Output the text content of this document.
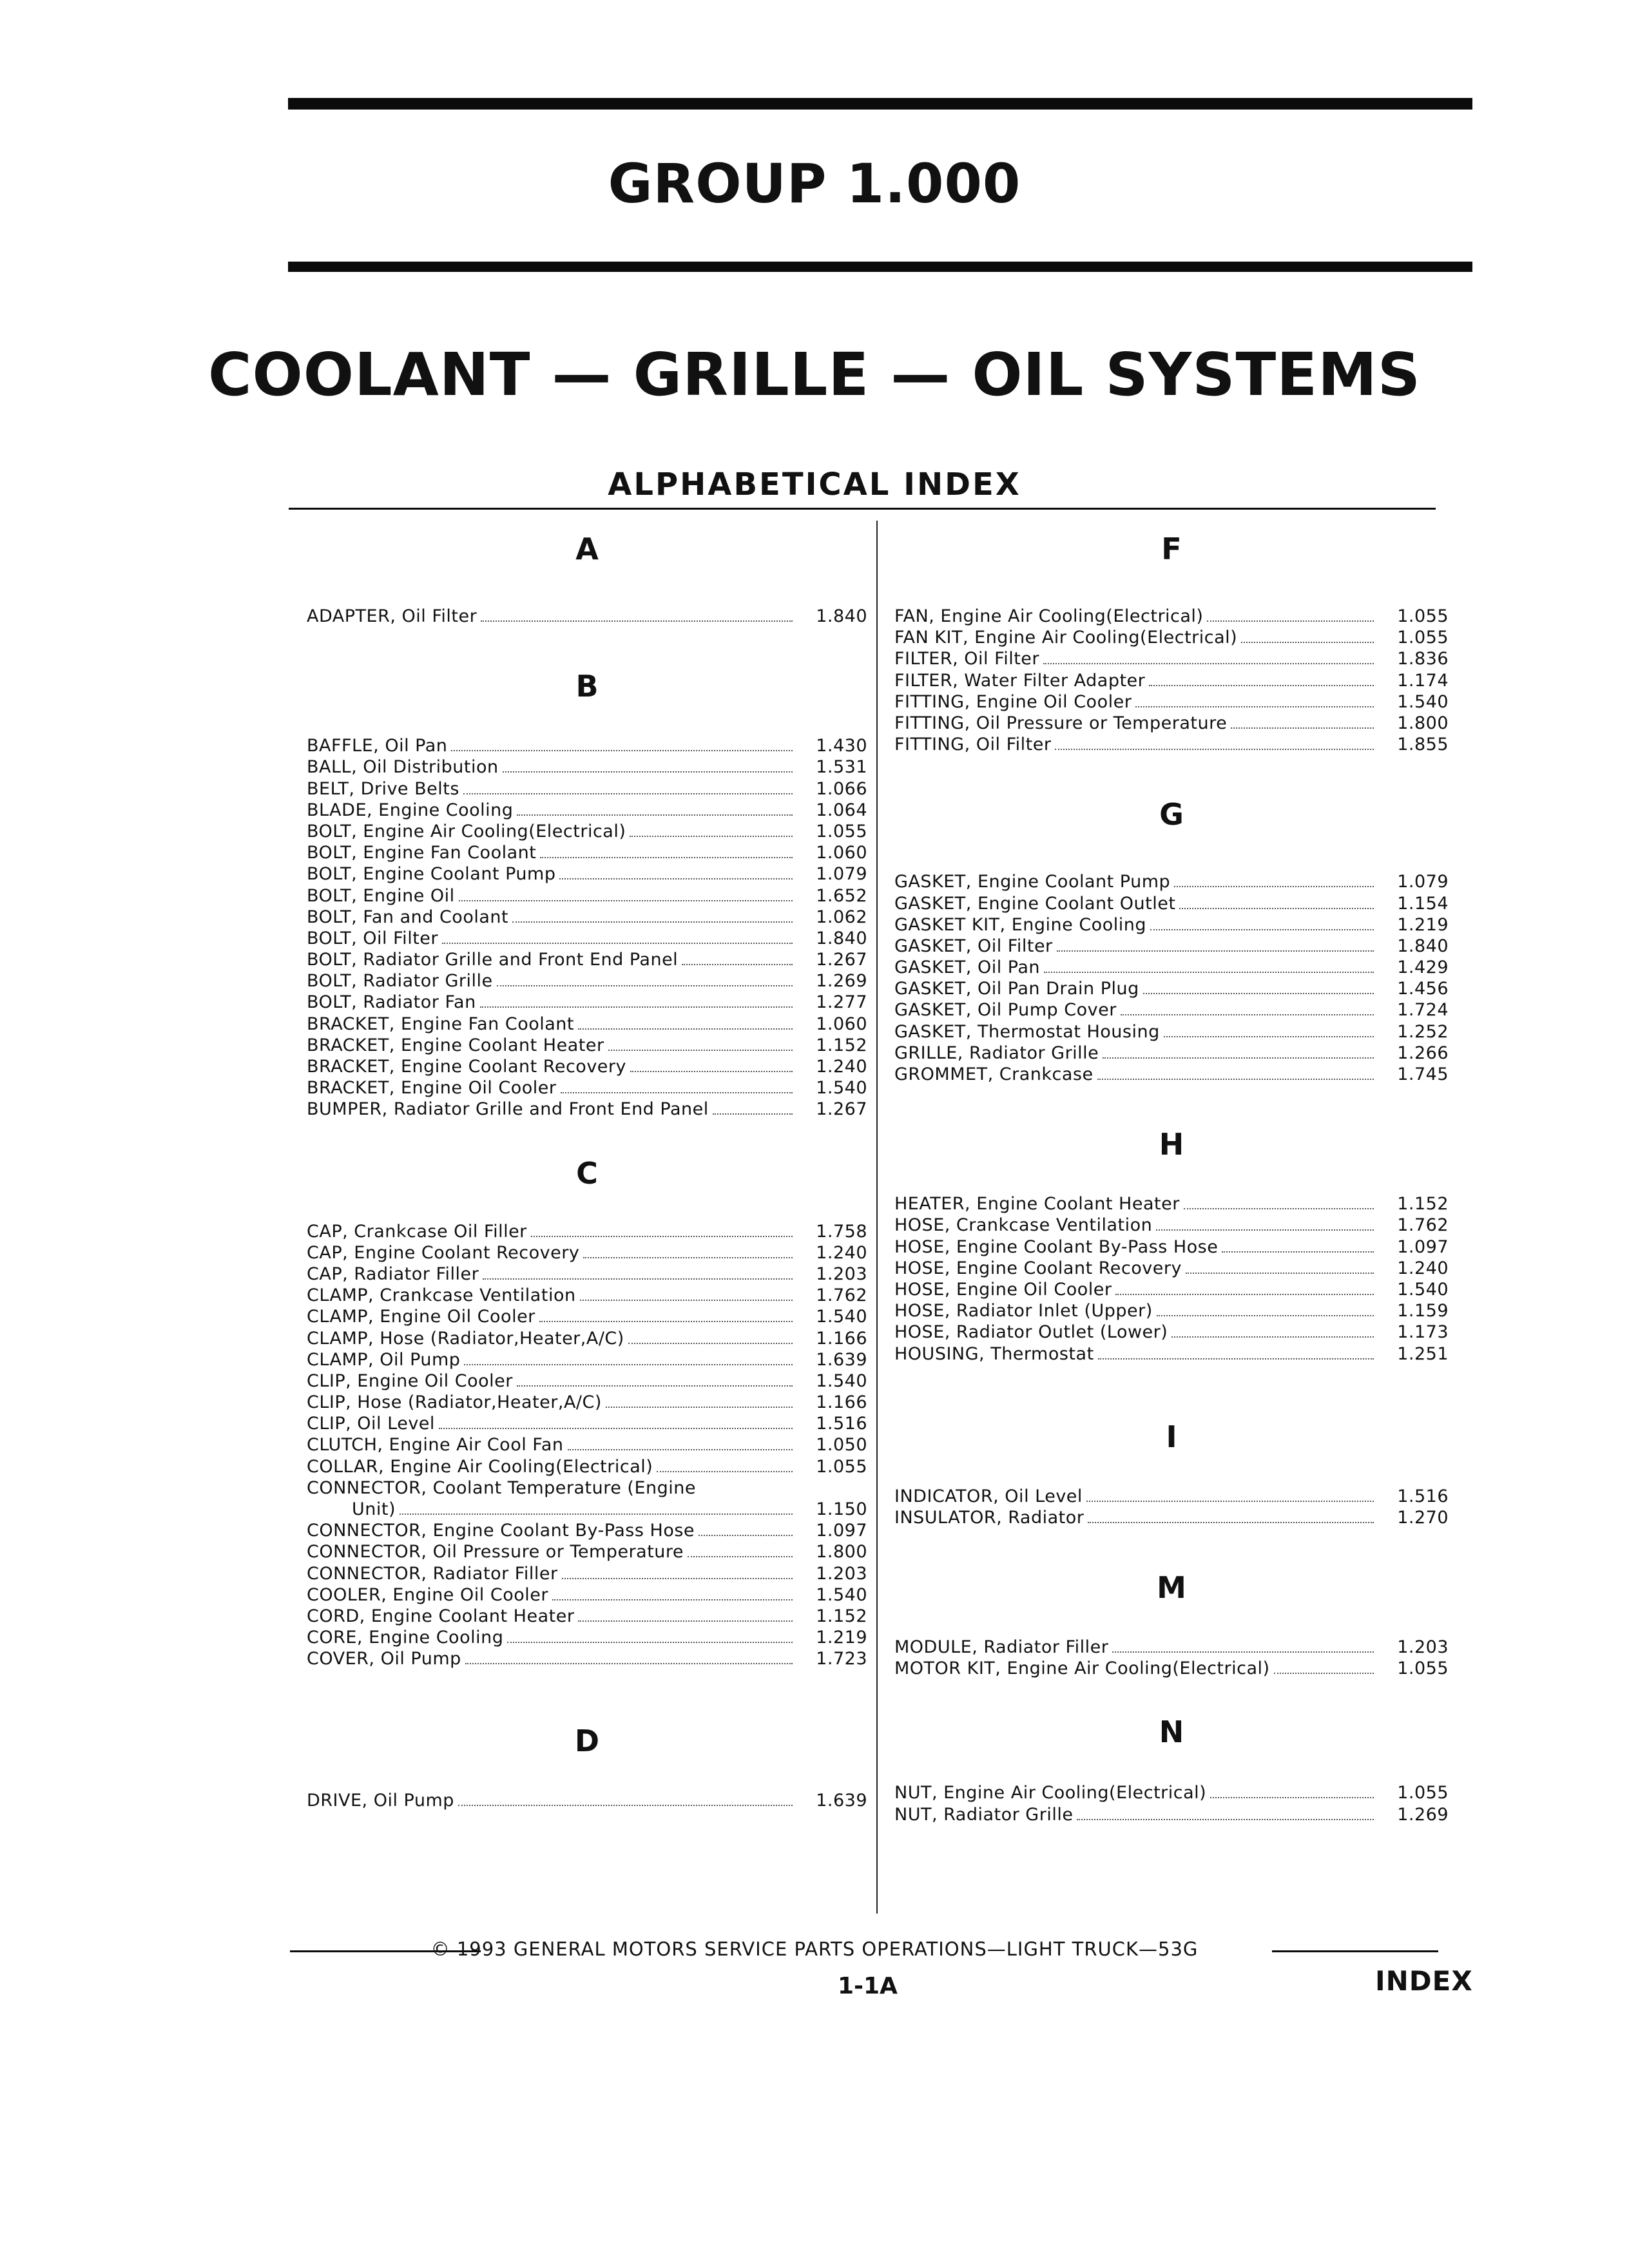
GROUP 1.000
COOLANT — GRILLE — OIL SYSTEMS
ALPHABETICAL INDEX
A
ADAPTER, Oil Filter	1.840
B
BAFFLE, Oil Pan	1.430
BALL, Oil Distribution	1.531
BELT, Drive Belts	1.066
BLADE, Engine Cooling	1.064
BOLT, Engine Air Cooling(Electrical)	1.055
BOLT, Engine Fan Coolant	1.060
BOLT, Engine Coolant Pump	1.079
BOLT, Engine Oil	1.652
BOLT, Fan and Coolant	1.062
BOLT, Oil Filter	1.840
BOLT, Radiator Grille and Front End Panel	1.267
BOLT, Radiator Grille	1.269
BOLT, Radiator Fan	1.277
BRACKET, Engine Fan Coolant	1.060
BRACKET, Engine Coolant Heater	1.152
BRACKET, Engine Coolant Recovery	1.240
BRACKET, Engine Oil Cooler	1.540
BUMPER, Radiator Grille and Front End Panel	1.267
C
CAP, Crankcase Oil Filler	1.758
CAP, Engine Coolant Recovery	1.240
CAP, Radiator Filler	1.203
CLAMP, Crankcase Ventilation	1.762
CLAMP, Engine Oil Cooler	1.540
CLAMP, Hose (Radiator,Heater,A/C)	1.166
CLAMP, Oil Pump	1.639
CLIP, Engine Oil Cooler	1.540
CLIP, Hose (Radiator,Heater,A/C)	1.166
CLIP, Oil Level	1.516
CLUTCH, Engine Air Cool Fan	1.050
COLLAR, Engine Air Cooling(Electrical)	1.055
CONNECTOR, Coolant Temperature (Engine
Unit)	1.150
CONNECTOR, Engine Coolant By-Pass Hose	1.097
CONNECTOR, Oil Pressure or Temperature	1.800
CONNECTOR, Radiator Filler	1.203
COOLER, Engine Oil Cooler	1.540
CORD, Engine Coolant Heater	1.152
CORE, Engine Cooling	1.219
COVER, Oil Pump	1.723
D
DRIVE, Oil Pump	1.639
F
FAN, Engine Air Cooling(Electrical)	1.055
FAN KIT, Engine Air Cooling(Electrical)	1.055
FILTER, Oil Filter	1.836
FILTER, Water Filter Adapter	1.174
FITTING, Engine Oil Cooler	1.540
FITTING, Oil Pressure or Temperature	1.800
FITTING, Oil Filter	1.855
G
GASKET, Engine Coolant Pump	1.079
GASKET, Engine Coolant Outlet	1.154
GASKET KIT, Engine Cooling	1.219
GASKET, Oil Filter	1.840
GASKET, Oil Pan	1.429
GASKET, Oil Pan Drain Plug	1.456
GASKET, Oil Pump Cover	1.724
GASKET, Thermostat Housing	1.252
GRILLE, Radiator Grille	1.266
GROMMET, Crankcase	1.745
H
HEATER, Engine Coolant Heater	1.152
HOSE, Crankcase Ventilation	1.762
HOSE, Engine Coolant By-Pass Hose	1.097
HOSE, Engine Coolant Recovery	1.240
HOSE, Engine Oil Cooler	1.540
HOSE, Radiator Inlet (Upper)	1.159
HOSE, Radiator Outlet (Lower)	1.173
HOUSING, Thermostat	1.251
I
INDICATOR, Oil Level	1.516
INSULATOR, Radiator	1.270
M
MODULE, Radiator Filler	1.203
MOTOR KIT, Engine Air Cooling(Electrical)	1.055
N
NUT, Engine Air Cooling(Electrical)	1.055
NUT, Radiator Grille	1.269
© 1993 GENERAL MOTORS SERVICE PARTS OPERATIONS—LIGHT TRUCK—53G
1-1A	INDEX
